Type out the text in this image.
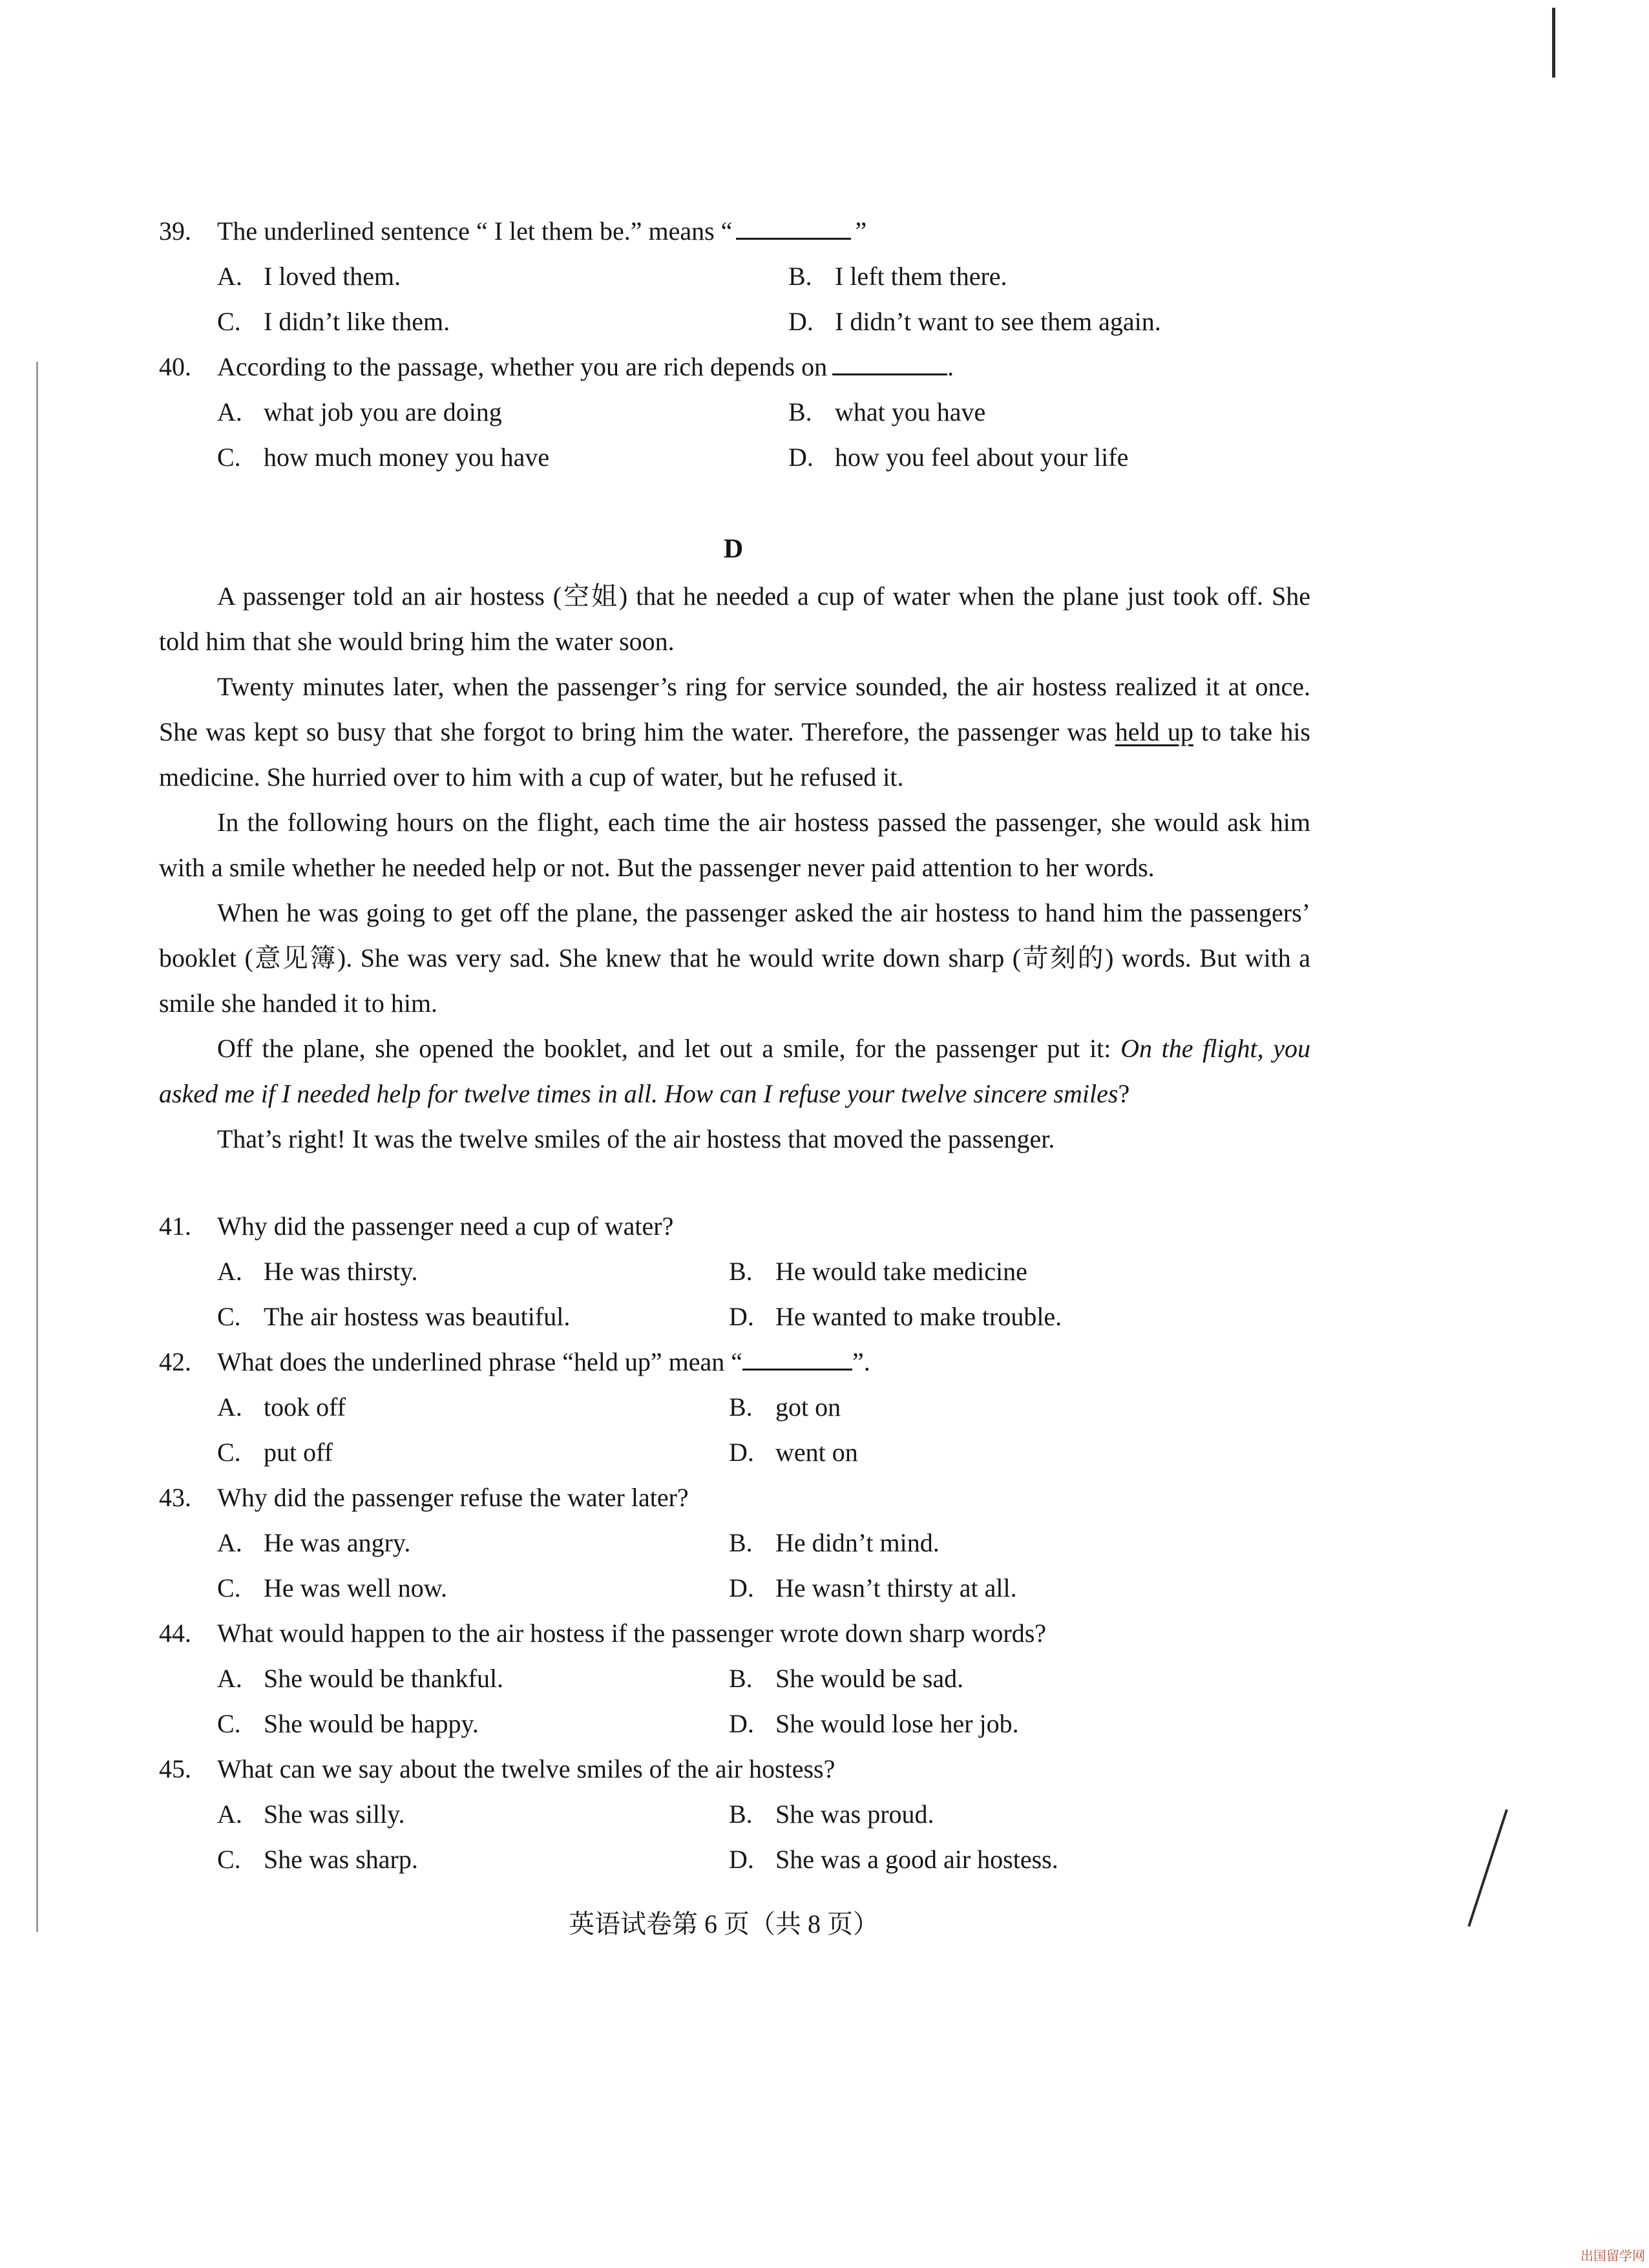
39. The underlined sentence “ I let them be.” means “	”
A. I loved them.	B. I left them there.
C. I didn’t like them.	D. I didn’t want to see them again.
40. According to the passage, whether you are rich depends on	.
A. what job you are doing	B. what you have
C. how much money you have	D. how you feel about your life
D

A passenger told an air hostess (空姐) that he needed a cup of water when the plane just took off. She told him that she would bring him the water soon.

Twenty minutes later, when the passenger’s ring for service sounded, the air hostess realized it at once. She was kept so busy that she forgot to bring him the water. Therefore, the passenger was held up to take his medicine. She hurried over to him with a cup of water, but he refused it.

In the following hours on the flight, each time the air hostess passed the passenger, she would ask him with a smile whether he needed help or not. But the passenger never paid attention to her words.

When he was going to get off the plane, the passenger asked the air hostess to hand him the passengers’ booklet (意见簿). She was very sad. She knew that he would write down sharp (苛刻的) words. But with a smile she handed it to him.

Off the plane, she opened the booklet, and let out a smile, for the passenger put it: On the flight, you asked me if I needed help for twelve times in all. How can I refuse your twelve sincere smiles?

That’s right! It was the twelve smiles of the air hostess that moved the passenger.

41. Why did the passenger need a cup of water?
A. He was thirsty.	B. He would take medicine
C. The air hostess was beautiful.	D. He wanted to make trouble.
42. What does the underlined phrase “held up” mean “	”.
A. took off	B. got on
C. put off	D. went on
43. Why did the passenger refuse the water later?
A. He was angry.	B. He didn’t mind.
C. He was well now.	D. He wasn’t thirsty at all.
44. What would happen to the air hostess if the passenger wrote down sharp words?
A. She would be thankful.	B. She would be sad.
C. She would be happy.	D. She would lose her job.
45. What can we say about the twelve smiles of the air hostess?
A. She was silly.	B. She was proud.
C. She was sharp.	D. She was a good air hostess.
英语试卷第 6 页（共 8 页）
出国留学网
